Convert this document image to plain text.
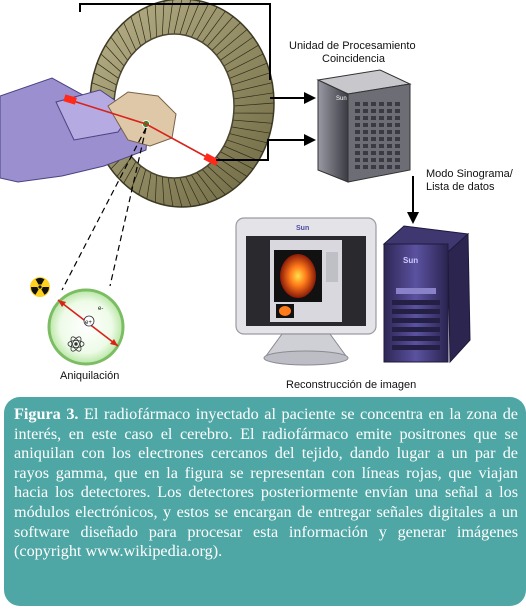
Sun
Sun
Sun
e+
e-
Unidad de Procesamiento
Coincidencia
Modo Sinograma/
Lista de datos
Aniquilación
Reconstrucción de imagen
Figura 3. El radiofármaco inyectado al paciente se concentra en la zona de interés, en este caso el cerebro. El radiofármaco emite positrones que se aniquilan con los electrones cercanos del tejido, dando lugar a un par de rayos gamma, que en la figura se representan con líneas rojas, que viajan hacia los detectores. Los detectores posteriormente envían una señal a los módulos electrónicos, y estos se encargan de entregar señales digitales a un software diseñado para procesar esta información y generar imágenes (copyright www.wikipedia.org).
